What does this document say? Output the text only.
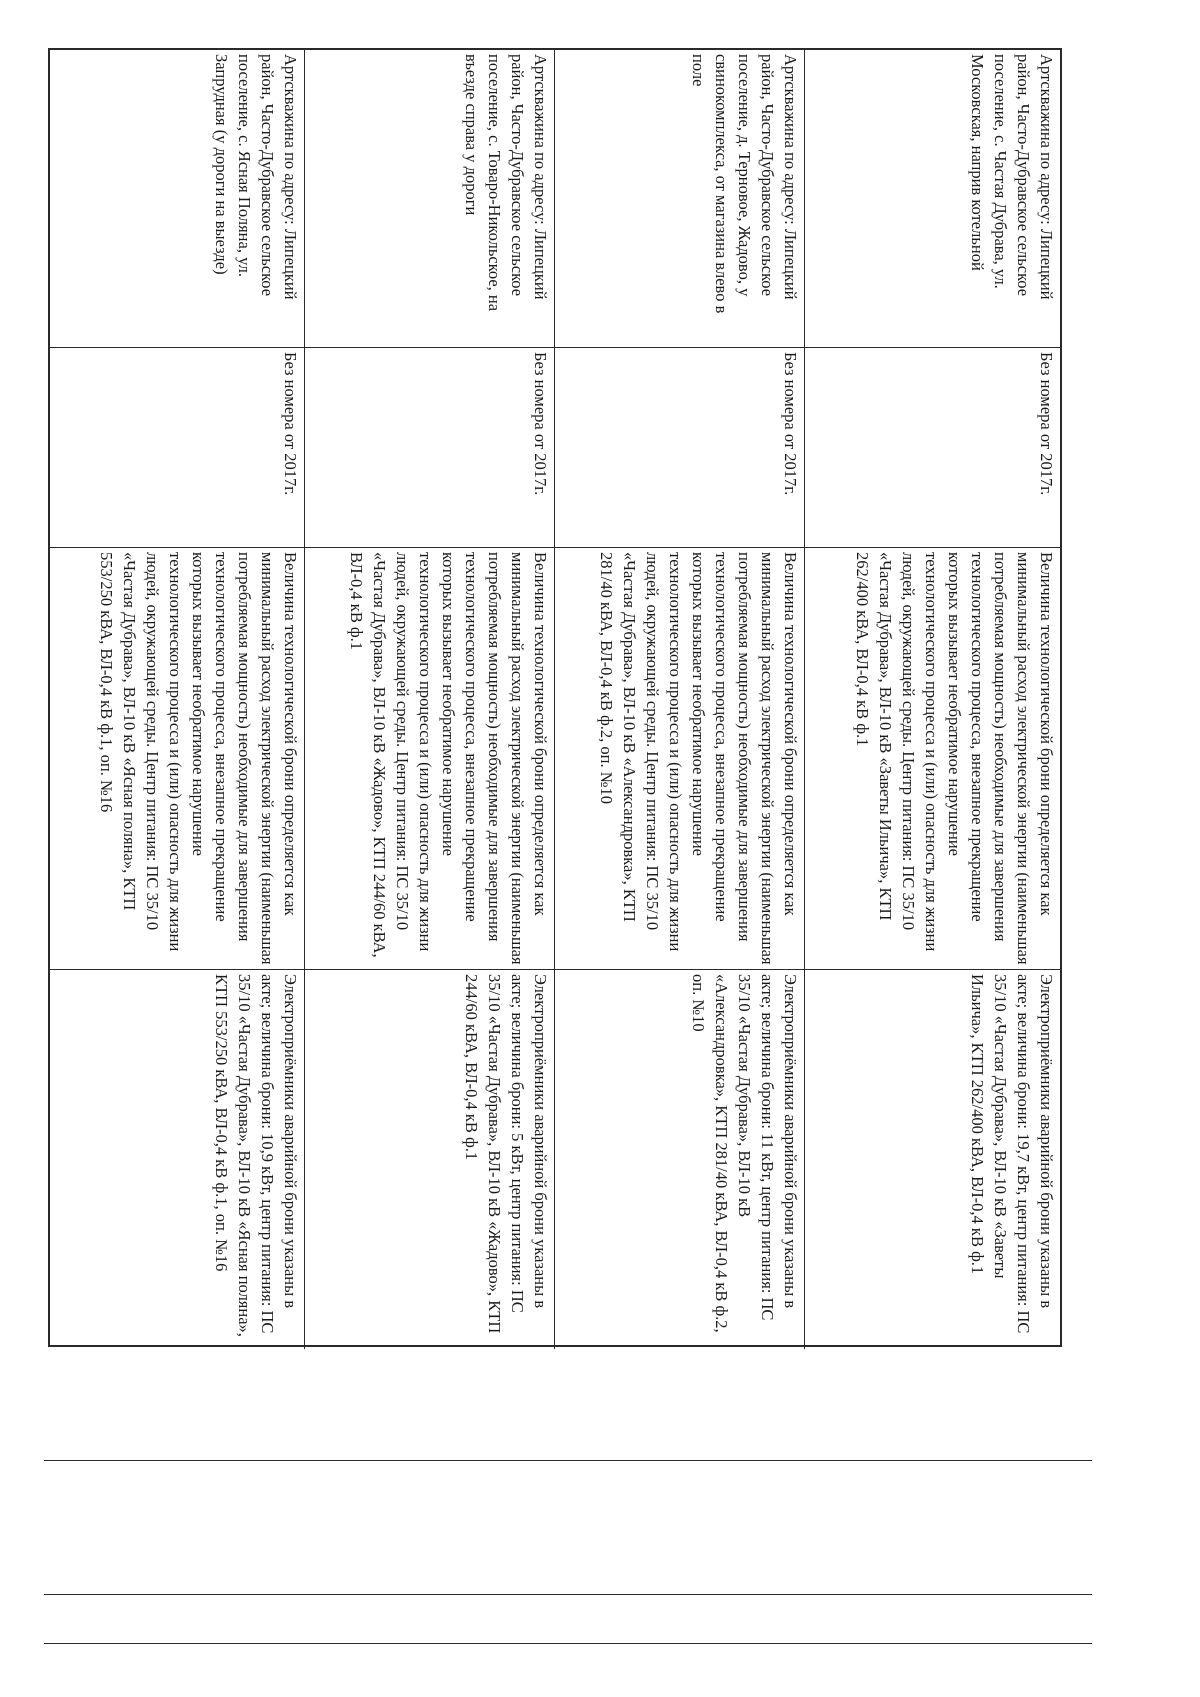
Артскважина по адресу: Липецкий район, Часто-Дубравское сельское поселение, с. Частая Дубрава, ул. Московская, наприв котельной
Без номера от 2017г.
Величина технологической брони определяется как минимальный расход электрической энергии (наименьшая потребляемая мощность) необходимые для завершения технологического процесса, внезапное прекращение которых вызывает необратимое нарушение технологического процесса и (или) опасность для жизни людей, окружающей среды. Центр питания: ПС 35/10 «Частая Дубрава», ВЛ-10 кВ «Заветы Ильича», КТП 262/400 кВА, ВЛ-0,4 кВ ф.1
Электроприёмники аварийной брони указаны в акте; величина брони: 19,7 кВт, центр питания: ПС 35/10 «Частая Дубрава», ВЛ-10 кВ «Заветы Ильича», КТП 262/400 кВА, ВЛ-0,4 кВ ф.1
Артскважина по адресу: Липецкий район, Часто-Дубравское сельское поселение, д. Терновое, Жадово, у свинокомплекса, от магазина влево в поле
Без номера от 2017г.
Величина технологической брони определяется как минимальный расход электрической энергии (наименьшая потребляемая мощность) необходимые для завершения технологического процесса, внезапное прекращение которых вызывает необратимое нарушение технологического процесса и (или) опасность для жизни людей, окружающей среды. Центр питания: ПС 35/10 «Частая Дубрава», ВЛ-10 кВ «Александровка», КТП 281/40 кВА, ВЛ-0,4 кВ ф.2, оп. №10
Электроприёмники аварийной брони указаны в акте; величина брони: 11 кВт, центр питания: ПС 35/10 «Частая Дубрава», ВЛ-10 кВ «Александровка», КТП 281/40 кВА, ВЛ-0,4 кВ ф.2, оп. №10
Артскважина по адресу: Липецкий район, Часто-Дубравское сельское поселение, с. Товаро-Никольское, на въезде справа у дороги
Без номера от 2017г.
Величина технологической брони определяется как минимальный расход электрической энергии (наименьшая потребляемая мощность) необходимые для завершения технологического процесса, внезапное прекращение которых вызывает необратимое нарушение технологического процесса и (или) опасность для жизни людей, окружающей среды. Центр питания: ПС 35/10 «Частая Дубрава», ВЛ-10 кВ «Жадово», КТП 244/60 кВА, ВЛ-0,4 кВ ф.1
Электроприёмники аварийной брони указаны в акте; величина брони: 5 кВт, центр питания: ПС 35/10 «Частая Дубрава», ВЛ-10 кВ «Жадово», КТП 244/60 кВА, ВЛ-0,4 кВ ф.1
Артскважина по адресу: Липецкий район, Часто-Дубравское сельское поселение, с. Ясная Поляна, ул. Запрудная (у дороги на выезде)
Без номера от 2017г.
Величина технологической брони определяется как минимальный расход электрической энергии (наименьшая потребляемая мощность) необходимые для завершения технологического процесса, внезапное прекращение которых вызывает необратимое нарушение технологического процесса и (или) опасность для жизни людей, окружающей среды. Центр питания: ПС 35/10 «Частая Дубрава», ВЛ-10 кВ «Ясная поляна», КТП 553/250 кВА, ВЛ-0,4 кВ ф.1, оп. №16
Электроприёмники аварийной брони указаны в акте; величина брони: 10,9 кВт, центр питания: ПС 35/10 «Частая Дубрава», ВЛ-10 кВ «Ясная поляна», КТП 553/250 кВА, ВЛ-0,4 кВ ф.1, оп. №16
